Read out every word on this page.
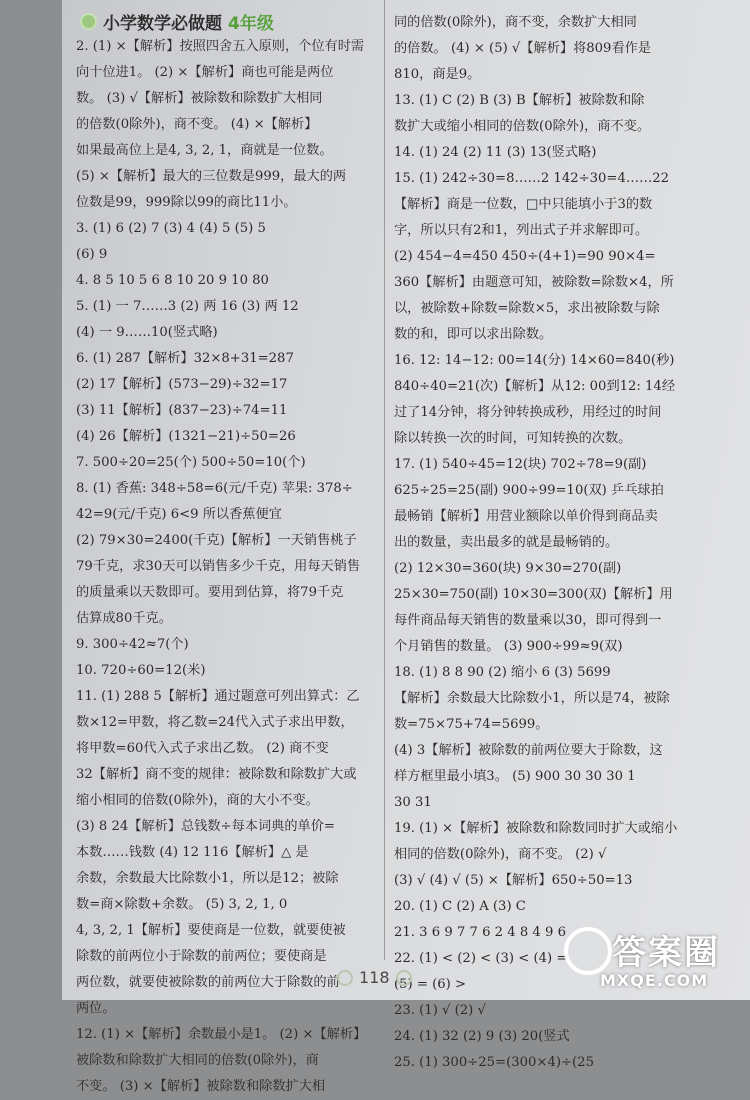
小学数学必做题 4年级
2. (1) ×【解析】按照四舍五入原则，个位有时需
向十位进1。 (2) ×【解析】商也可能是两位
数。 (3) √【解析】被除数和除数扩大相同
的倍数(0除外)，商不变。 (4) ×【解析】
如果最高位上是4, 3, 2, 1，商就是一位数。
(5) ×【解析】最大的三位数是999，最大的两
位数是99，999除以99的商比11小。
3. (1) 6 (2) 7 (3) 4 (4) 5 (5) 5
(6) 9
4. 8 5 10 5 6 8 10 20 9 10 80
5. (1) 一 7……3 (2) 两 16 (3) 两 12
(4) 一 9……10(竖式略)
6. (1) 287【解析】32×8+31=287
(2) 17【解析】(573−29)÷32=17
(3) 11【解析】(837−23)÷74=11
(4) 26【解析】(1321−21)÷50=26
7. 500÷20=25(个) 500÷50=10(个)
8. (1) 香蕉: 348÷58=6(元/千克) 苹果: 378÷
42=9(元/千克) 6<9 所以香蕉便宜
(2) 79×30=2400(千克)【解析】一天销售桃子
79千克，求30天可以销售多少千克，用每天销售
的质量乘以天数即可。要用到估算，将79千克
估算成80千克。
9. 300÷42≈7(个)
10. 720÷60=12(米)
11. (1) 288 5【解析】通过题意可列出算式：乙
数×12=甲数，将乙数=24代入式子求出甲数，
将甲数=60代入式子求出乙数。 (2) 商不变
32【解析】商不变的规律：被除数和除数扩大或
缩小相同的倍数(0除外)，商的大小不变。
(3) 8 24【解析】总钱数÷每本词典的单价=
本数……钱数 (4) 12 116【解析】△ 是
余数，余数最大比除数小1，所以是12；被除
数=商×除数+余数。 (5) 3, 2, 1, 0
4, 3, 2, 1【解析】要使商是一位数，就要使被
除数的前两位小于除数的前两位；要使商是
两位数，就要使被除数的前两位大于除数的前
两位。
12. (1) ×【解析】余数最小是1。 (2) ×【解析】
被除数和除数扩大相同的倍数(0除外)，商
不变。 (3) ×【解析】被除数和除数扩大相
同的倍数(0除外)，商不变，余数扩大相同
的倍数。 (4) × (5) √【解析】将809看作是
810，商是9。
13. (1) C (2) B (3) B【解析】被除数和除
数扩大或缩小相同的倍数(0除外)，商不变。
14. (1) 24 (2) 11 (3) 13(竖式略)
15. (1) 242÷30=8……2 142÷30=4……22
【解析】商是一位数，□中只能填小于3的数
字，所以只有2和1，列出式子并求解即可。
(2) 454−4=450 450÷(4+1)=90 90×4=
360【解析】由题意可知，被除数=除数×4，所
以，被除数+除数=除数×5，求出被除数与除
数的和，即可以求出除数。
16. 12: 14−12: 00=14(分) 14×60=840(秒)
840÷40=21(次)【解析】从12: 00到12: 14经
过了14分钟，将分钟转换成秒，用经过的时间
除以转换一次的时间，可知转换的次数。
17. (1) 540÷45=12(块) 702÷78=9(副)
625÷25=25(副) 900÷99=10(双) 乒乓球拍
最畅销【解析】用营业额除以单价得到商品卖
出的数量，卖出最多的就是最畅销的。
(2) 12×30=360(块) 9×30=270(副)
25×30=750(副) 10×30=300(双)【解析】用
每件商品每天销售的数量乘以30，即可得到一
个月销售的数量。 (3) 900÷99≈9(双)
18. (1) 8 8 90 (2) 缩小 6 (3) 5699
【解析】余数最大比除数小1，所以是74，被除
数=75×75+74=5699。
(4) 3【解析】被除数的前两位要大于除数，这
样方框里最小填3。 (5) 900 30 30 30 1
30 31
19. (1) ×【解析】被除数和除数同时扩大或缩小
相同的倍数(0除外)，商不变。 (2) √
(3) √ (4) √ (5) ×【解析】650÷50=13
20. (1) C (2) A (3) C
21. 3 6 9 7 7 6 2 4 8 4 9 6
22. (1) < (2) < (3) < (4) =
(5) = (6) >
23. (1) √ (2) √
24. (1) 32 (2) 9 (3) 20(竖式
25. (1) 300÷25=(300×4)÷(25
118
答案圈
MXQE.COM
